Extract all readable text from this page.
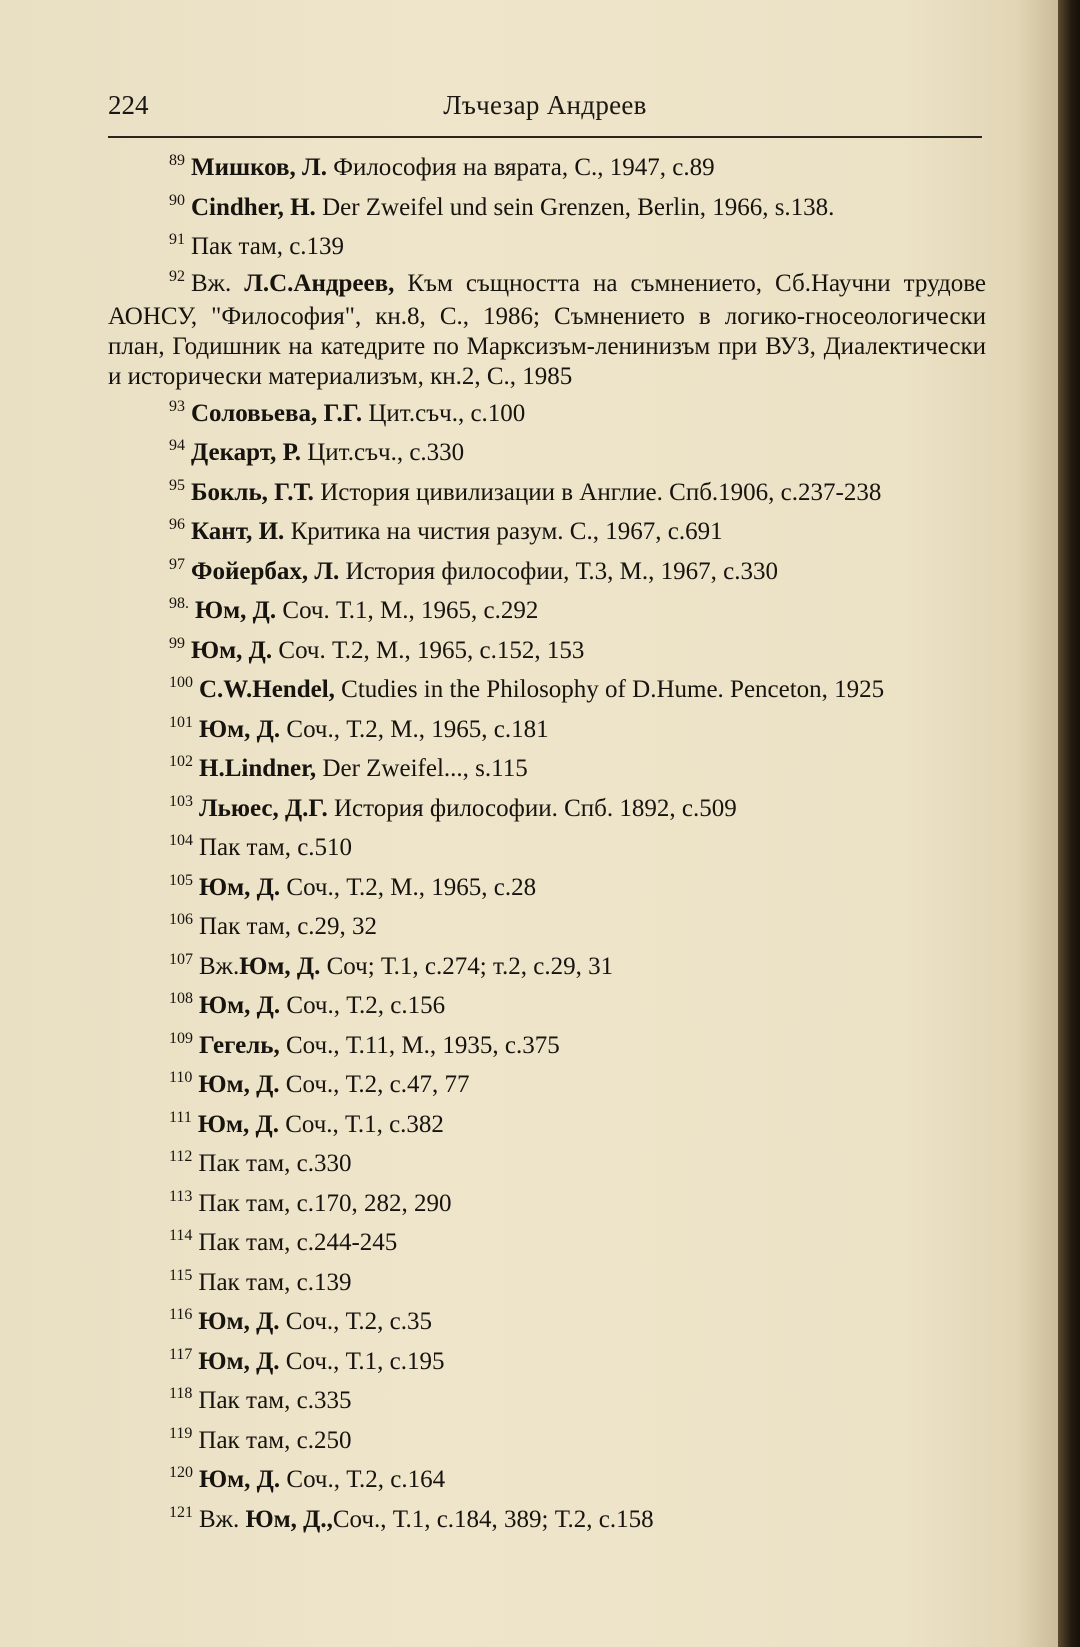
224	Лъчезар Андреев
$^{89}$ Мишков, Л. Философия на вярата, С., 1947, с.89
$^{90}$ Cindher, H. Der Zweifel und sein Grenzen, Berlin, 1966, s.138.
$^{91}$ Пак там, с.139
$^{92}$ Вж. Л.С.Андреев, Към същността на съмнението, Сб.Научни трудове АОНСУ, "Философия", кн.8, С., 1986; Съмнението в логико-гносеологически план, Годишник на катедрите по Марксизъм-ленинизъм при ВУЗ, Диалектически и исторически материализъм, кн.2, С., 1985
$^{93}$ Соловьева, Г.Г. Цит.съч., с.100
$^{94}$ Декарт, Р. Цит.съч., с.330
$^{95}$ Бокль, Г.Т. История цивилизации в Англие. Спб.1906, с.237-238
$^{96}$ Кант, И. Критика на чистия разум. С., 1967, с.691
$^{97}$ Фойербах, Л. История философии, Т.3, М., 1967, с.330
$^{98.}$ Юм, Д. Соч. Т.1, М., 1965, с.292
$^{99}$ Юм, Д. Соч. Т.2, М., 1965, с.152, 153
$^{100}$ C.W.Hendel, Ctudies in the Philosophy of D.Hume. Penceton, 1925
$^{101}$ Юм, Д. Соч., Т.2, М., 1965, с.181
$^{102}$ H.Lindner, Der Zweifel..., s.115
$^{103}$ Льюес, Д.Г. История философии. Спб. 1892, с.509
$^{104}$ Пак там, с.510
$^{105}$ Юм, Д. Соч., Т.2, М., 1965, с.28
$^{106}$ Пак там, с.29, 32
$^{107}$ Вж.Юм, Д. Соч; Т.1, с.274; т.2, с.29, 31
$^{108}$ Юм, Д. Соч., Т.2, с.156
$^{109}$ Гегель, Соч., Т.11, М., 1935, с.375
$^{110}$ Юм, Д. Соч., Т.2, с.47, 77
$^{111}$ Юм, Д. Соч., Т.1, с.382
$^{112}$ Пак там, с.330
$^{113}$ Пак там, с.170, 282, 290
$^{114}$ Пак там, с.244-245
$^{115}$ Пак там, с.139
$^{116}$ Юм, Д. Соч., Т.2, с.35
$^{117}$ Юм, Д. Соч., Т.1, с.195
$^{118}$ Пак там, с.335
$^{119}$ Пак там, с.250
$^{120}$ Юм, Д. Соч., Т.2, с.164
$^{121}$ Вж. Юм, Д.,Соч., Т.1, с.184, 389; Т.2, с.158
